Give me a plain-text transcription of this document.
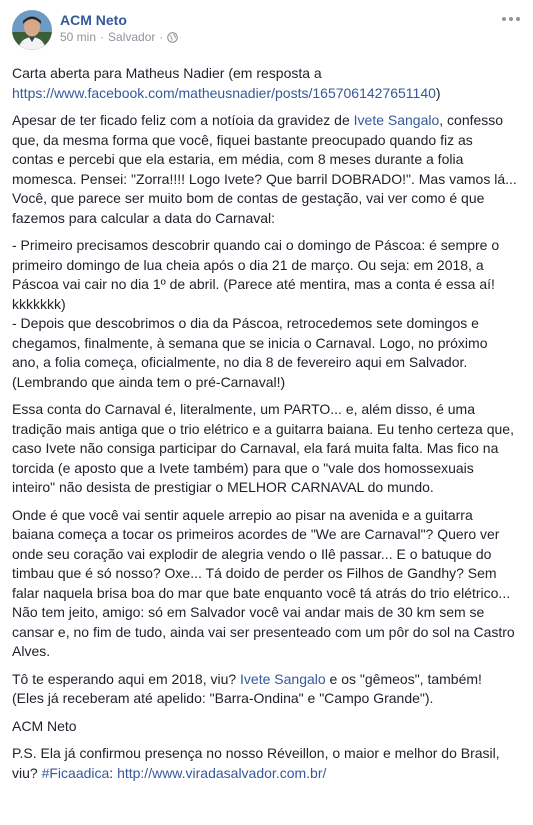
ACM Neto
50 min · Salvador ·

Carta aberta para Matheus Nadier (em resposta a https://www.facebook.com/matheusnadier/posts/1657061427651140)

Apesar de ter ficado feliz com a notíoia da gravidez de Ivete Sangalo, confesso que, da mesma forma que você, fiquei bastante preocupado quando fiz as contas e percebi que ela estaria, em média, com 8 meses durante a folia momesca. Pensei: "Zorra!!!! Logo Ivete? Que barril DOBRADO!". Mas vamos lá... Você, que parece ser muito bom de contas de gestação, vai ver como é que fazemos para calcular a data do Carnaval:

- Primeiro precisamos descobrir quando cai o domingo de Páscoa: é sempre o primeiro domingo de lua cheia após o dia 21 de março. Ou seja: em 2018, a Páscoa vai cair no dia 1º de abril. (Parece até mentira, mas a conta é essa aí! kkkkkkk)
- Depois que descobrimos o dia da Páscoa, retrocedemos sete domingos e chegamos, finalmente, à semana que se inicia o Carnaval. Logo, no próximo ano, a folia começa, oficialmente, no dia 8 de fevereiro aqui em Salvador. (Lembrando que ainda tem o pré-Carnaval!)

Essa conta do Carnaval é, literalmente, um PARTO... e, além disso, é uma tradição mais antiga que o trio elétrico e a guitarra baiana. Eu tenho certeza que, caso Ivete não consiga participar do Carnaval, ela fará muita falta. Mas fico na torcida (e aposto que a Ivete também) para que o "vale dos homossexuais inteiro" não desista de prestigiar o MELHOR CARNAVAL do mundo.

Onde é que você vai sentir aquele arrepio ao pisar na avenida e a guitarra baiana começa a tocar os primeiros acordes de "We are Carnaval"? Quero ver onde seu coração vai explodir de alegria vendo o Ilê passar... E o batuque do timbau que é só nosso? Oxe... Tá doido de perder os Filhos de Gandhy? Sem falar naquela brisa boa do mar que bate enquanto você tá atrás do trio elétrico... Não tem jeito, amigo: só em Salvador você vai andar mais de 30 km sem se cansar e, no fim de tudo, ainda vai ser presenteado com um pôr do sol na Castro Alves.

Tô te esperando aqui em 2018, viu? Ivete Sangalo e os "gêmeos", também! (Eles já receberam até apelido: "Barra-Ondina" e "Campo Grande").

ACM Neto

P.S. Ela já confirmou presença no nosso Réveillon, o maior e melhor do Brasil, viu? #Ficaadica: http://www.viradasalvador.com.br/
